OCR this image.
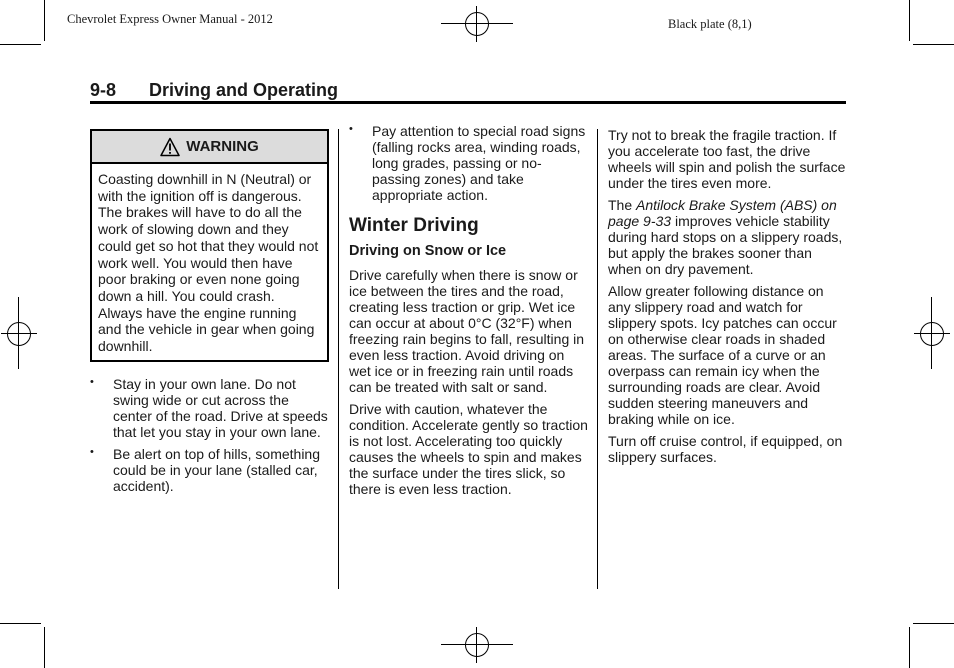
Chevrolet Express Owner Manual - 2012	Black plate (8,1)
9-8 Driving and Operating
WARNING
Coasting downhill in N (Neutral) or with the ignition off is dangerous. The brakes will have to do all the work of slowing down and they could get so hot that they would not work well. You would then have poor braking or even none going down a hill. You could crash. Always have the engine running and the vehicle in gear when going downhill.
• Stay in your own lane. Do not swing wide or cut across the center of the road. Drive at speeds that let you stay in your own lane.
• Be alert on top of hills, something could be in your lane (stalled car, accident).
• Pay attention to special road signs (falling rocks area, winding roads, long grades, passing or no-passing zones) and take appropriate action.
Winter Driving
Driving on Snow or Ice

Drive carefully when there is snow or ice between the tires and the road, creating less traction or grip. Wet ice can occur at about 0°C (32°F) when freezing rain begins to fall, resulting in even less traction. Avoid driving on wet ice or in freezing rain until roads can be treated with salt or sand.

Drive with caution, whatever the condition. Accelerate gently so traction is not lost. Accelerating too quickly causes the wheels to spin and makes the surface under the tires slick, so there is even less traction.

Try not to break the fragile traction. If you accelerate too fast, the drive wheels will spin and polish the surface under the tires even more.

The Antilock Brake System (ABS) on page 9-33 improves vehicle stability during hard stops on a slippery roads, but apply the brakes sooner than when on dry pavement.

Allow greater following distance on any slippery road and watch for slippery spots. Icy patches can occur on otherwise clear roads in shaded areas. The surface of a curve or an overpass can remain icy when the surrounding roads are clear. Avoid sudden steering maneuvers and braking while on ice.

Turn off cruise control, if equipped, on slippery surfaces.
